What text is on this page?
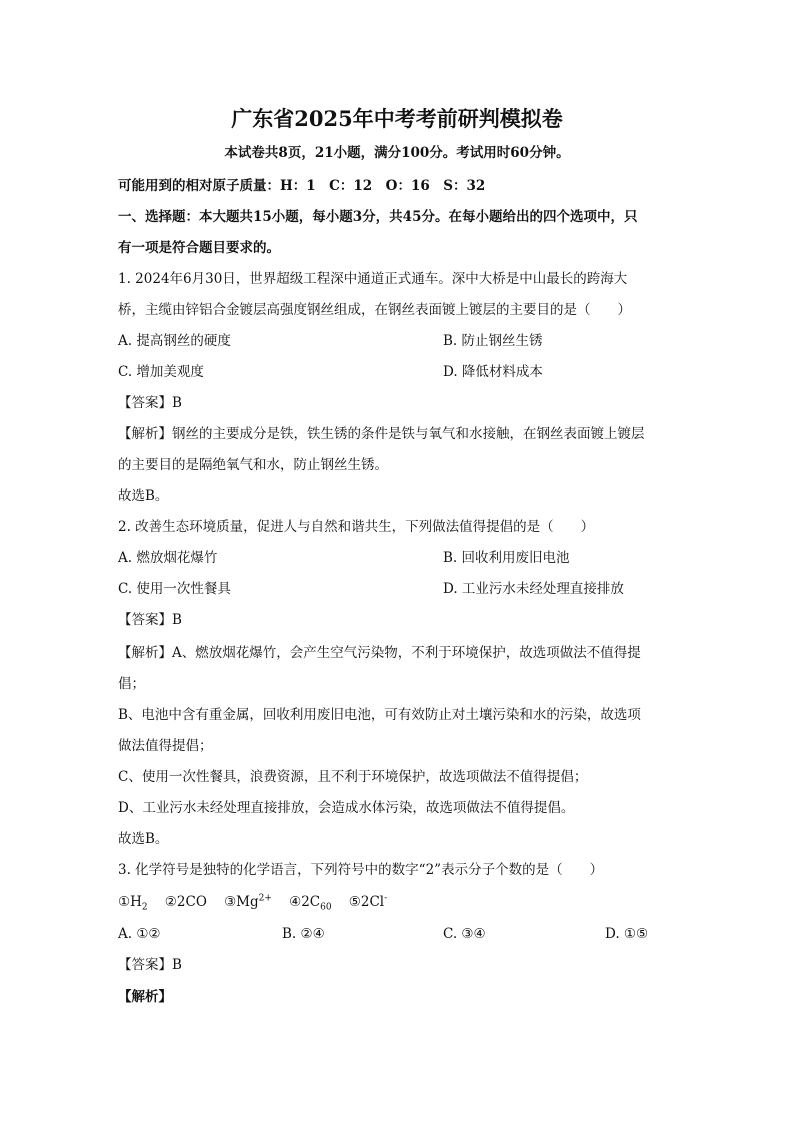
广东省2025年中考考前研判模拟卷
本试卷共8页，21小题，满分100分。考试用时60分钟。
可能用到的相对原子质量：H：1　C：12　O：16　S：32
一、选择题：本大题共15小题，每小题3分，共45分。在每小题给出的四个选项中，只
有一项是符合题目要求的。
1. 2024年6月30日，世界超级工程深中通道正式通车。深中大桥是中山最长的跨海大
桥，主缆由锌铝合金镀层高强度钢丝组成，在钢丝表面镀上镀层的主要目的是（　　）
A. 提高钢丝的硬度	B. 防止钢丝生锈
C. 增加美观度	D. 降低材料成本
【答案】B
【解析】钢丝的主要成分是铁，铁生锈的条件是铁与氧气和水接触，在钢丝表面镀上镀层
的主要目的是隔绝氧气和水，防止钢丝生锈。
故选B。
2. 改善生态环境质量，促进人与自然和谐共生，下列做法值得提倡的是（　　）
A. 燃放烟花爆竹	B. 回收利用废旧电池
C. 使用一次性餐具	D. 工业污水未经处理直接排放
【答案】B
【解析】A、燃放烟花爆竹，会产生空气污染物，不利于环境保护，故选项做法不值得提
倡；
B、电池中含有重金属，回收利用废旧电池，可有效防止对土壤污染和水的污染，故选项
做法值得提倡；
C、使用一次性餐具，浪费资源，且不利于环境保护，故选项做法不值得提倡；
D、工业污水未经处理直接排放，会造成水体污染，故选项做法不值得提倡。
故选B。
3. 化学符号是独特的化学语言，下列符号中的数字“2”表示分子个数的是（　　）
$①H_2$ ②2CO $③Mg^{2+}$ $④2C_{60}$ ⑤2Cl-
A. ①②	B. ②④	C. ③④	D. ①⑤
【答案】B
【解析】
